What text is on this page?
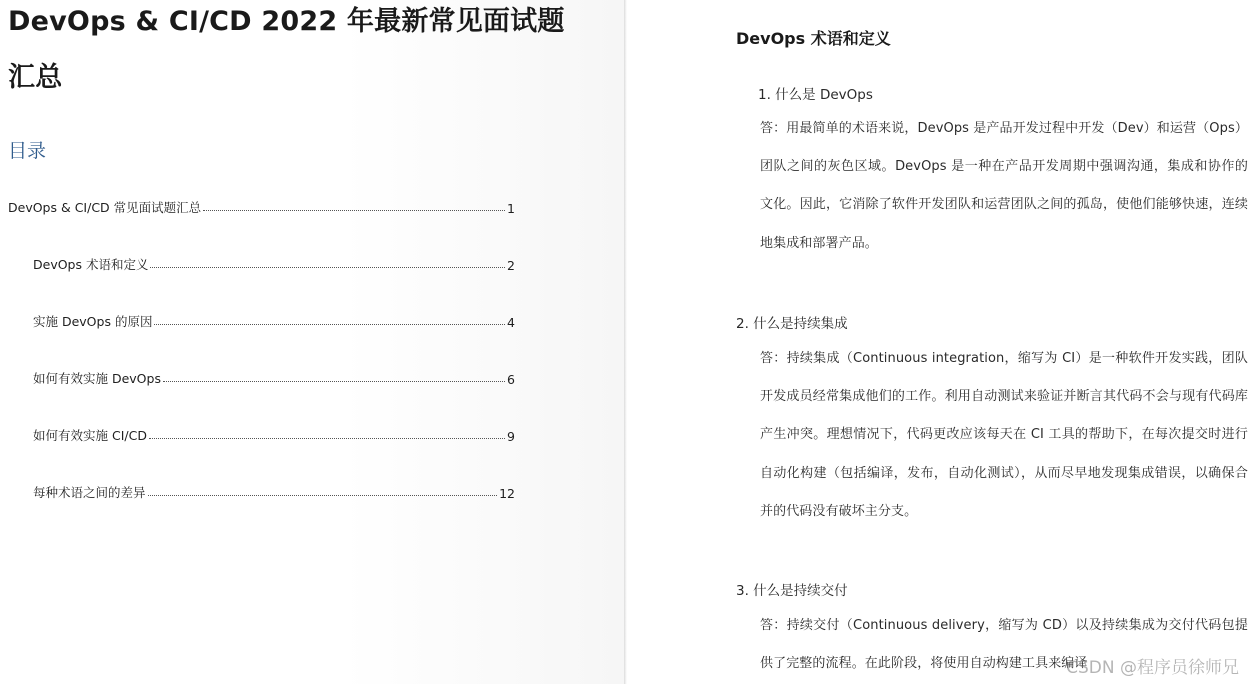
DevOps & CI/CD 2022 年最新常见面试题汇总
目录
DevOps & CI/CD 常见面试题汇总	1
DevOps 术语和定义	2
实施 DevOps 的原因	4
如何有效实施 DevOps	6
如何有效实施 CI/CD	9
每种术语之间的差异	12
DevOps 术语和定义

1. 什么是 DevOps

答：用最简单的术语来说，DevOps 是产品开发过程中开发（Dev）和运营（Ops）团队之间的灰色区域。DevOps 是一种在产品开发周期中强调沟通，集成和协作的文化。因此，它消除了软件开发团队和运营团队之间的孤岛，使他们能够快速，连续地集成和部署产品。

2. 什么是持续集成

答：持续集成（Continuous integration，缩写为 CI）是一种软件开发实践，团队开发成员经常集成他们的工作。利用自动测试来验证并断言其代码不会与现有代码库产生冲突。理想情况下，代码更改应该每天在 CI 工具的帮助下，在每次提交时进行自动化构建（包括编译，发布，自动化测试），从而尽早地发现集成错误，以确保合并的代码没有破坏主分支。

3. 什么是持续交付

答：持续交付（Continuous delivery，缩写为 CD）以及持续集成为交付代码包提供了完整的流程。在此阶段，将使用自动构建工具来编译

CSDN @程序员徐师兄
